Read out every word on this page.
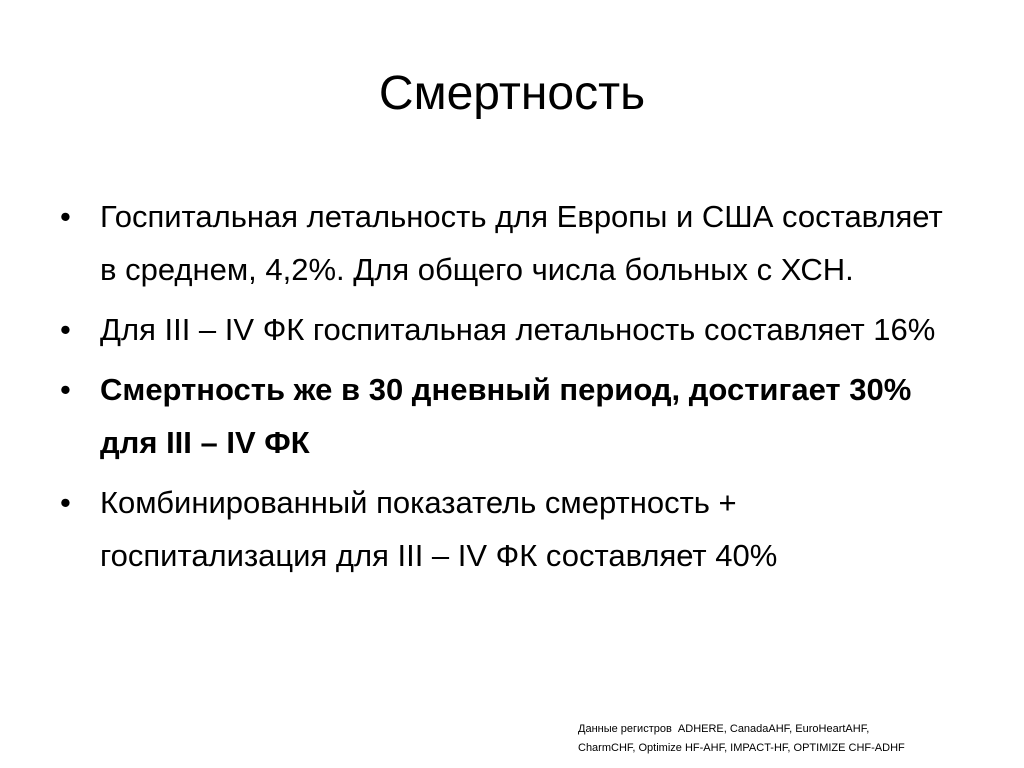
Смертность
• Госпитальная летальность для Европы и США составляет в среднем, 4,2%. Для общего числа больных с ХСН.
• Для III – IV ФК госпитальная летальность составляет 16%
• Смертность же в 30 дневный период, достигает 30% для III – IV ФК
• Комбинированный показатель смертность + госпитализация для III – IV ФК составляет 40%
Данные регистров  ADHERE, CanadaAHF, EuroHeartAHF,
CharmCHF, Optimize HF-AHF, IMPACT-HF, OPTIMIZE CHF-ADHF
